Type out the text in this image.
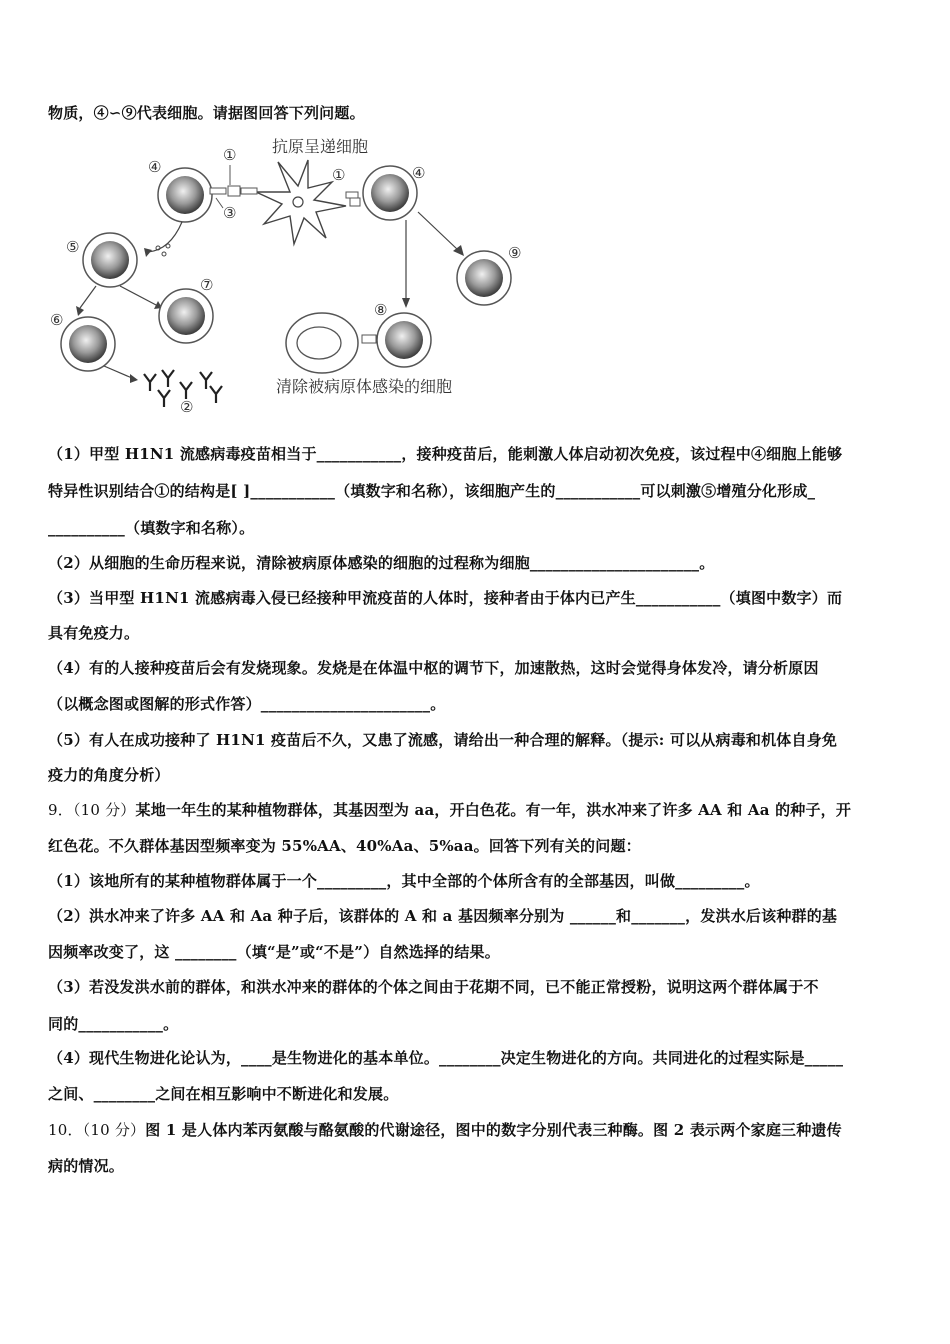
物质，④∽⑨代表细胞。请据图回答下列问题。
抗原呈递细胞
④
①
③
①	④
⑨
⑧
清除被病原体感染的细胞
⑤
⑦
⑥
②
（1）甲型 H1N1 流感病毒疫苗相当于___________，接种疫苗后，能刺激人体启动初次免疫，该过程中④细胞上能够
特异性识别结合①的结构是[ ]___________（填数字和名称），该细胞产生的___________可以刺激⑤增殖分化形成_
__________（填数字和名称）。
（2）从细胞的生命历程来说，清除被病原体感染的细胞的过程称为细胞______________________。
（3）当甲型 H1N1 流感病毒入侵已经接种甲流疫苗的人体时，接种者由于体内已产生___________（填图中数字）而
具有免疫力。
（4）有的人接种疫苗后会有发烧现象。发烧是在体温中枢的调节下，加速散热，这时会觉得身体发冷，请分析原因
（以概念图或图解的形式作答）______________________。
（5）有人在成功接种了 H1N1 疫苗后不久，又患了流感，请给出一种合理的解释。（提示: 可以从病毒和机体自身免
疫力的角度分析）
9．（10 分）某地一年生的某种植物群体，其基因型为 aa，开白色花。有一年，洪水冲来了许多 AA 和 Aa 的种子，开
红色花。不久群体基因型频率变为 55%AA、40%Aa、5%aa。回答下列有关的问题：
（1）该地所有的某种植物群体属于一个_________，其中全部的个体所含有的全部基因，叫做_________。
（2）洪水冲来了许多 AA 和 Aa 种子后，该群体的 A 和 a 基因频率分别为 ______和_______，发洪水后该种群的基
因频率改变了，这 ________（填“是”或“不是”）自然选择的结果。
（3）若没发洪水前的群体，和洪水冲来的群体的个体之间由于花期不同，已不能正常授粉，说明这两个群体属于不
同的___________。
（4）现代生物进化论认为，____是生物进化的基本单位。________决定生物进化的方向。共同进化的过程实际是_____
之间、________之间在相互影响中不断进化和发展。
10．（10 分）图 1 是人体内苯丙氨酸与酪氨酸的代谢途径，图中的数字分别代表三种酶。图 2 表示两个家庭三种遗传
病的情况。
